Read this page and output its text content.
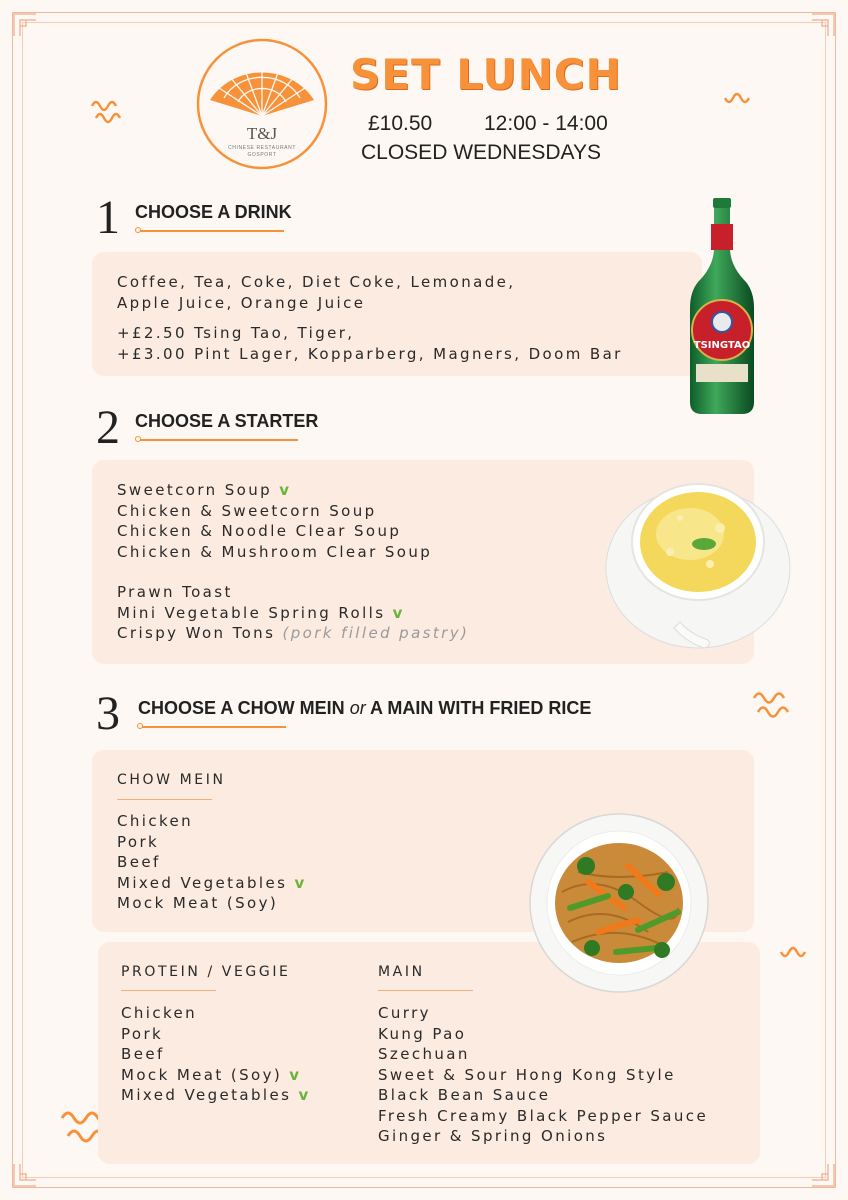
T&J
CHINESE RESTAURANT
GOSPORT
SET LUNCH
£10.50 12:00 - 14:00
CLOSED WEDNESDAYS
1 CHOOSE A DRINK
Coffee, Tea, Coke, Diet Coke, Lemonade,
Apple Juice, Orange Juice
+£2.50 Tsing Tao, Tiger,
+£3.00 Pint Lager, Kopparberg, Magners, Doom Bar	TSINGTAO
2 CHOOSE A STARTER
Sweetcorn Soup v
Chicken & Sweetcorn Soup
Chicken & Noodle Clear Soup
Chicken & Mushroom Clear Soup
Prawn Toast
Mini Vegetable Spring Rolls v
Crispy Won Tons (pork filled pastry)
3 CHOOSE A CHOW MEIN or A MAIN WITH FRIED RICE
CHOW MEIN
Chicken
Pork
Beef
Mixed Vegetables v
Mock Meat (Soy)
PROTEIN / VEGGIE
Chicken
Pork
Beef
Mock Meat (Soy) v
Mixed Vegetables v
MAIN
Curry
Kung Pao
Szechuan
Sweet & Sour Hong Kong Style
Black Bean Sauce
Fresh Creamy Black Pepper Sauce
Ginger & Spring Onions
